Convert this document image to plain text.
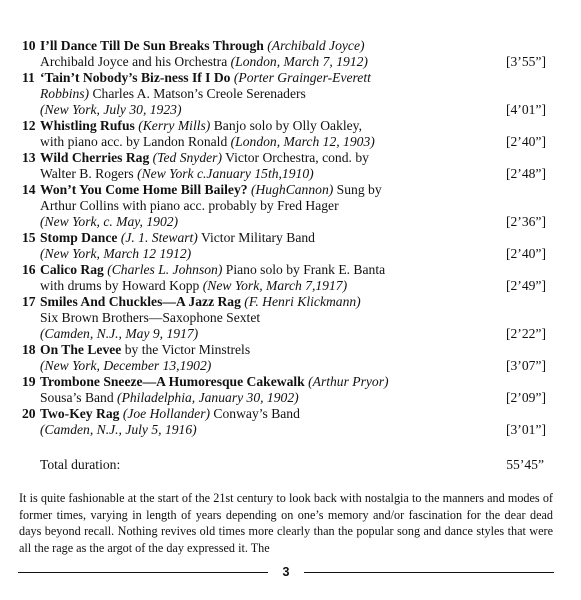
10 I’ll Dance Till De Sun Breaks Through (Archibald Joyce)
Archibald Joyce and his Orchestra (London, March 7, 1912)	[3’55”]
11 ‘Tain’t Nobody’s Biz-ness If I Do (Porter Grainger-Everett
Robbins) Charles A. Matson’s Creole Serenaders
(New York, July 30, 1923)	[4’01”]
12 Whistling Rufus (Kerry Mills) Banjo solo by Olly Oakley,
with piano acc. by Landon Ronald (London, March 12, 1903)	[2’40”]
13 Wild Cherries Rag (Ted Snyder) Victor Orchestra, cond. by
Walter B. Rogers (New York c.January 15th,1910)	[2’48”]
14 Won’t You Come Home Bill Bailey? (HughCannon) Sung by
Arthur Collins with piano acc. probably by Fred Hager
(New York, c. May, 1902)	[2’36”]
15 Stomp Dance (J. 1. Stewart) Victor Military Band
(New York, March 12 1912)	[2’40”]
16 Calico Rag (Charles L. Johnson) Piano solo by Frank E. Banta
with drums by Howard Kopp (New York, March 7,1917)	[2’49”]
17 Smiles And Chuckles—A Jazz Rag (F. Henri Klickmann)
Six Brown Brothers—Saxophone Sextet
(Camden, N.J., May 9, 1917)	[2’22”]
18 On The Levee by the Victor Minstrels
(New York, December 13,1902)	[3’07”]
19 Trombone Sneeze—A Humoresque Cakewalk (Arthur Pryor)
Sousa’s Band (Philadelphia, January 30, 1902)	[2’09”]
20 Two-Key Rag (Joe Hollander) Conway’s Band
(Camden, N.J., July 5, 1916)	[3’01”]
Total duration:	55’45”

It is quite fashionable at the start of the 21st century to look back with nostalgia to the manners and modes of former times, varying in length of years depending on one’s memory and/or fascination for the dear dead days beyond recall. Nothing revives old times more clearly than the popular song and dance styles that were all the rage as the argot of the day expressed it. The

3
